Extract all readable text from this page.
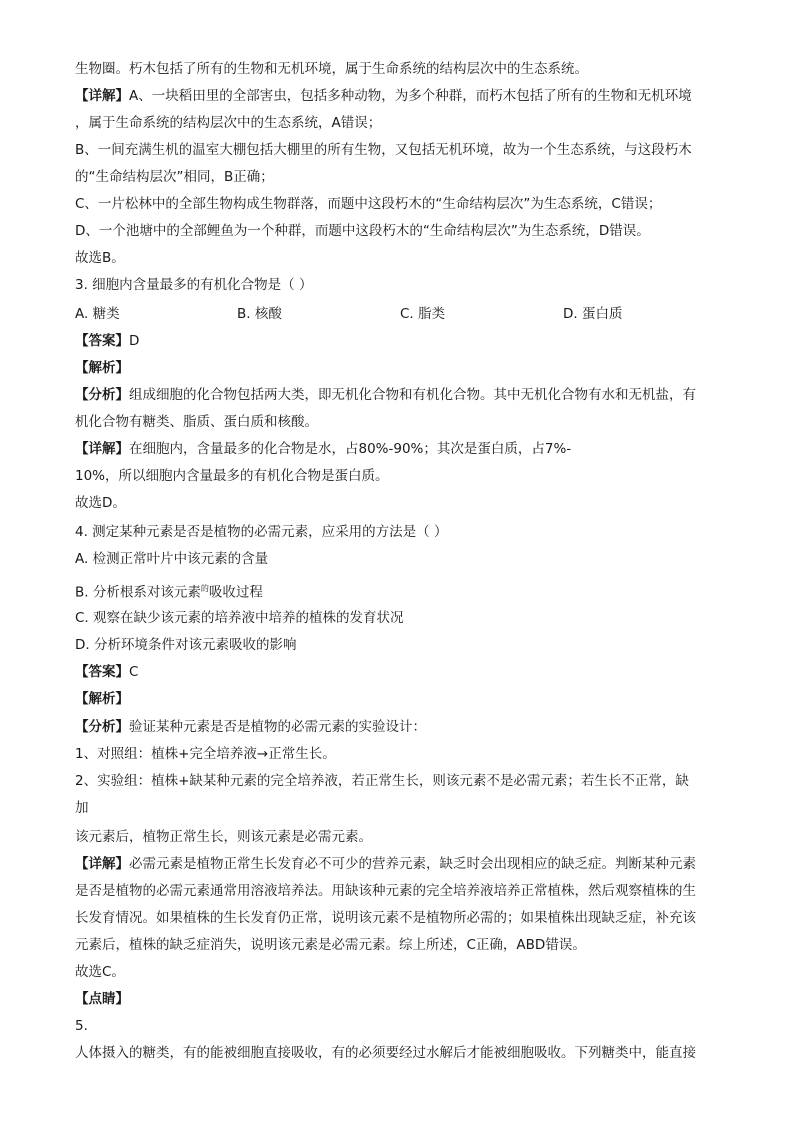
生物圈。朽木包括了所有的生物和无机环境，属于生命系统的结构层次中的生态系统。
【详解】A、一块稻田里的全部害虫，包括多种动物，为多个种群，而朽木包括了所有的生物和无机环境
，属于生命系统的结构层次中的生态系统，A错误；
B、一间充满生机的温室大棚包括大棚里的所有生物，又包括无机环境，故为一个生态系统，与这段朽木
的“生命结构层次”相同，B正确；
C、一片松林中的全部生物构成生物群落，而题中这段朽木的“生命结构层次”为生态系统，C错误；
D、一个池塘中的全部鲤鱼为一个种群，而题中这段朽木的“生命结构层次”为生态系统，D错误。
故选B。
3. 细胞内含量最多的有机化合物是（ ）
A. 糖类	B. 核酸	C. 脂类	D. 蛋白质
【答案】D
【解析】
【分析】组成细胞的化合物包括两大类，即无机化合物和有机化合物。其中无机化合物有水和无机盐，有
机化合物有糖类、脂质、蛋白质和核酸。
【详解】在细胞内，含量最多的化合物是水，占80%-90%；其次是蛋白质，占7%-
10%，所以细胞内含量最多的有机化合物是蛋白质。
故选D。
4. 测定某种元素是否是植物的必需元素，应采用的方法是（ ）
A. 检测正常叶片中该元素的含量
B. 分析根系对该元素$^的$吸收过程
C. 观察在缺少该元素的培养液中培养的植株的发育状况
D. 分析环境条件对该元素吸收的影响
【答案】C
【解析】
【分析】验证某种元素是否是植物的必需元素的实验设计：
1、对照组：植株+完全培养液→正常生长。
2、实验组：植株+缺某种元素的完全培养液，若正常生长，则该元素不是必需元素；若生长不正常，缺
加
该元素后，植物正常生长，则该元素是必需元素。
【详解】必需元素是植物正常生长发育必不可少的营养元素，缺乏时会出现相应的缺乏症。判断某种元素
是否是植物的必需元素通常用溶液培养法。用缺该种元素的完全培养液培养正常植株，然后观察植株的生
长发育情况。如果植株的生长发育仍正常，说明该元素不是植物所必需的；如果植株出现缺乏症，补充该
元素后，植株的缺乏症消失，说明该元素是必需元素。综上所述，C正确，ABD错误。
故选C。
【点睛】
5.
人体摄入的糖类，有的能被细胞直接吸收，有的必须要经过水解后才能被细胞吸收。下列糖类中，能直接
